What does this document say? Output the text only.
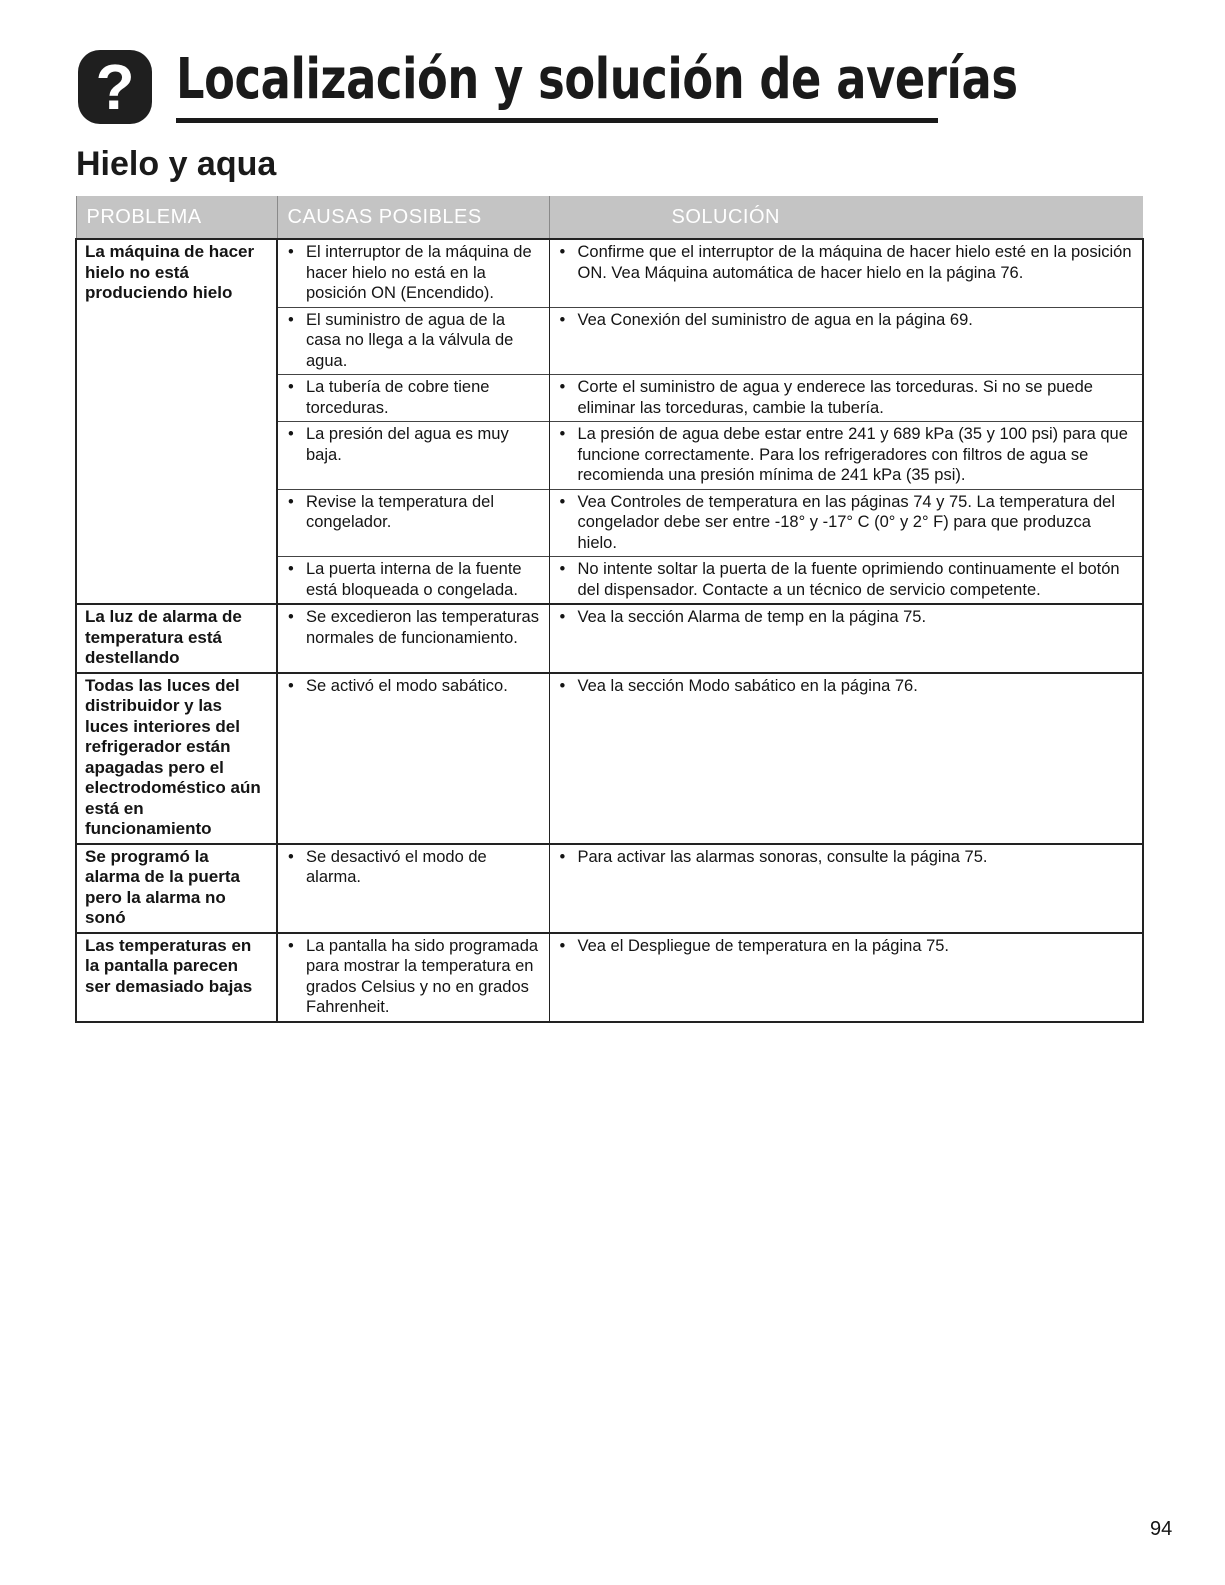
? Localización y solución de averías
Hielo y aqua
PROBLEMA	CAUSAS POSIBLES	SOLUCIÓN
La máquina de hacer hielo no está produciendo hielo	• El interruptor de la máquina de hacer hielo no está en la posición ON (Encendido).	• Confirme que el interruptor de la máquina de hacer hielo esté en la posición ON. Vea Máquina automática de hacer hielo en la página 76.

	• El suministro de agua de la casa no llega a la válvula de agua.	• Vea Conexión del suministro de agua en la página 69.

	• La tubería de cobre tiene torceduras.	• Corte el suministro de agua y enderece las torceduras. Si no se puede eliminar las torceduras, cambie la tubería.

	• La presión del agua es muy baja.	• La presión de agua debe estar entre 241 y 689 kPa (35 y 100 psi) para que funcione correctamente. Para los refrigeradores con filtros de agua se recomienda una presión mínima de 241 kPa (35 psi).

	• Revise la temperatura del congelador.	• Vea Controles de temperatura en las páginas 74 y 75. La temperatura del congelador debe ser entre -18° y -17° C (0° y 2° F) para que produzca hielo.

	• La puerta interna de la fuente está bloqueada o congelada.	• No intente soltar la puerta de la fuente oprimiendo continuamente el botón del dispensador. Contacte a un técnico de servicio competente.

La luz de alarma de temperatura está destellando	• Se excedieron las temperaturas normales de funcionamiento.	• Vea la sección Alarma de temp en la página 75.

Todas las luces del distribuidor y las luces interiores del refrigerador están apagadas pero el electrodoméstico aún está en funcionamiento	• Se activó el modo sabático.	• Vea la sección Modo sabático en la página 76.

Se programó la alarma de la puerta pero la alarma no sonó	• Se desactivó el modo de alarma.	• Para activar las alarmas sonoras, consulte la página 75.

Las temperaturas en la pantalla parecen ser demasiado bajas	• La pantalla ha sido programada para mostrar la temperatura en grados Celsius y no en grados Fahrenheit.	• Vea el Despliegue de temperatura en la página 75.
94
